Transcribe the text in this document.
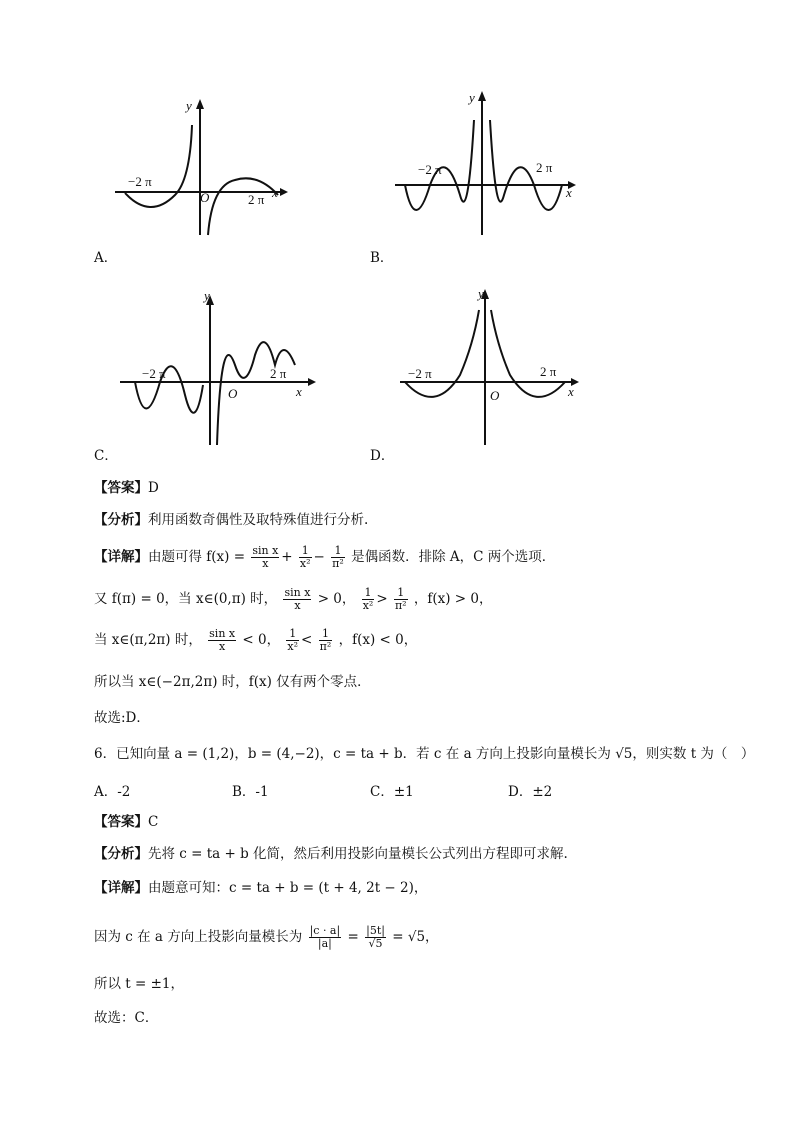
y
−2 π
O	2 π x
A．
y
−2 π	2 π
x
B．
y
−2 π
O
2 π
x
C．
−2 π
O
2 π
x
y
D．
【答案】D
【分析】利用函数奇偶性及取特殊值进行分析.
【详解】由题可得 $f(x) = \frac{\text{sin x}}{x} + \frac{1}{\text{x²}} - \frac{1}{\text{π²}}$ 是偶函数．排除 A，C 两个选项．
又 f(π) = 0，当 x∈(0,π) 时， $\frac{\text{sin x}}{x} > 0$， $\frac{1}{\text{x²}} > \frac{1}{\text{π²}}$ ，f(x) > 0，
当 x∈(π,2π) 时， $\frac{\text{sin x}}{x} < 0$， $\frac{1}{\text{x²}} < \frac{1}{\text{π²}}$ ，f(x) < 0，
所以当 x∈(−2π,2π) 时，f(x) 仅有两个零点．
故选:D．
6．已知向量 a = (1,2)，b = (4,−2)，c = ta + b．若 c 在 a 方向上投影向量模长为 √5，则实数 t 为（　）
A．-2	B．-1	C．±1	D．±2
【答案】C
【分析】先将 c = ta + b 化简，然后利用投影向量模长公式列出方程即可求解.
【详解】由题意可知：c = ta + b = (t + 4, 2t − 2)，
因为 c 在 a 方向上投影向量模长为 $\frac{|c \cdot a|}{|a|} = \frac{|5t|}{√5} = √5$，
所以 t = ±1，
故选：C．
